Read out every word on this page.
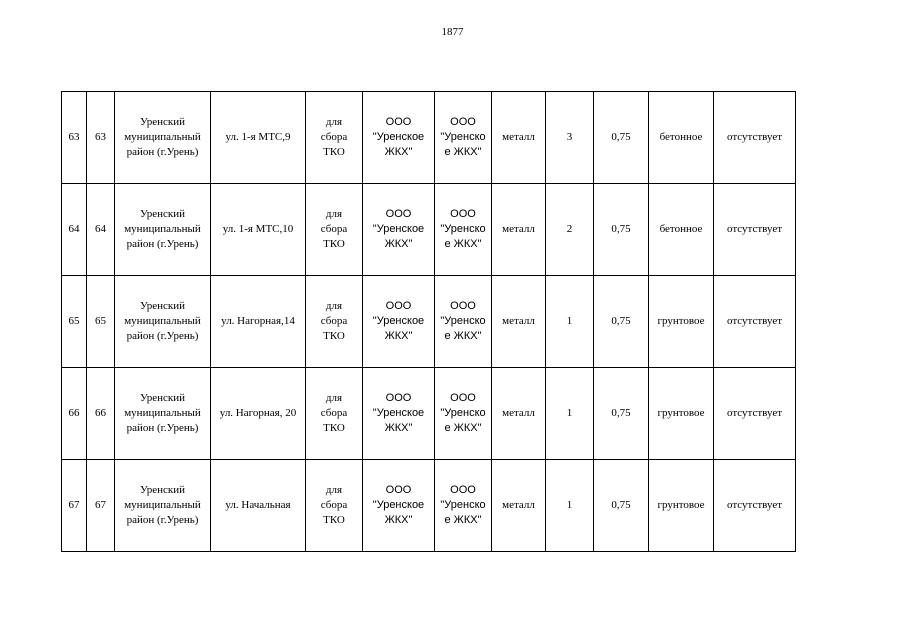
1877
63	63	Уренский
муниципальный
район (г.Урень)	ул. 1-я МТС,9	для
сбора
ТКО	ООО
"Уренское
ЖКХ"	ООО
"Уренско
е ЖКХ"	металл	3	0,75	бетонное	отсутствует
64	64	Уренский
муниципальный
район (г.Урень)	ул. 1-я МТС,10	для
сбора
ТКО	ООО
"Уренское
ЖКХ"	ООО
"Уренско
е ЖКХ"	металл	2	0,75	бетонное	отсутствует
65	65	Уренский
муниципальный
район (г.Урень)	ул. Нагорная,14	для
сбора
ТКО	ООО
"Уренское
ЖКХ"	ООО
"Уренско
е ЖКХ"	металл	1	0,75	грунтовое	отсутствует
66	66	Уренский
муниципальный
район (г.Урень)	ул. Нагорная, 20	для
сбора
ТКО	ООО
"Уренское
ЖКХ"	ООО
"Уренско
е ЖКХ"	металл	1	0,75	грунтовое	отсутствует
67	67	Уренский
муниципальный
район (г.Урень)	ул. Начальная	для
сбора
ТКО	ООО
"Уренское
ЖКХ"	ООО
"Уренско
е ЖКХ"	металл	1	0,75	грунтовое	отсутствует
